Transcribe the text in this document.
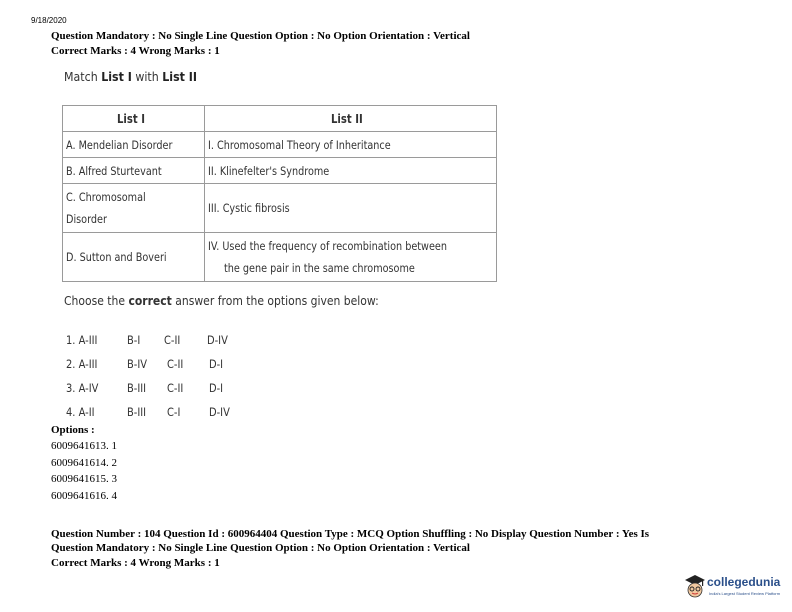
9/18/2020
Question Mandatory : No Single Line Question Option : No Option Orientation : Vertical
Correct Marks : 4 Wrong Marks : 1
Match List I with List II
List I	List II
A. Mendelian Disorder	I. Chromosomal Theory of Inheritance
B. Alfred Sturtevant	II. Klinefelter's Syndrome
C. Chromosomal
Disorder	III. Cystic fibrosis
D. Sutton and Boveri	IV. Used the frequency of recombination between
the gene pair in the same chromosome
Choose the correct answer from the options given below:
1. A-III	B-I C-II D-IV
2. A-III	B-IV C-II D-I
3. A-IV B-III C-II D-I
4. A-II	B-III C-I D-IV
Options :
6009641613. 1
6009641614. 2
6009641615. 3
6009641616. 4
Question Number : 104 Question Id : 600964404 Question Type : MCQ Option Shuffling : No Display Question Number : Yes Is
Question Mandatory : No Single Line Question Option : No Option Orientation : Vertical
Correct Marks : 4 Wrong Marks : 1
collegedunia
India's Largest Student Review Platform
